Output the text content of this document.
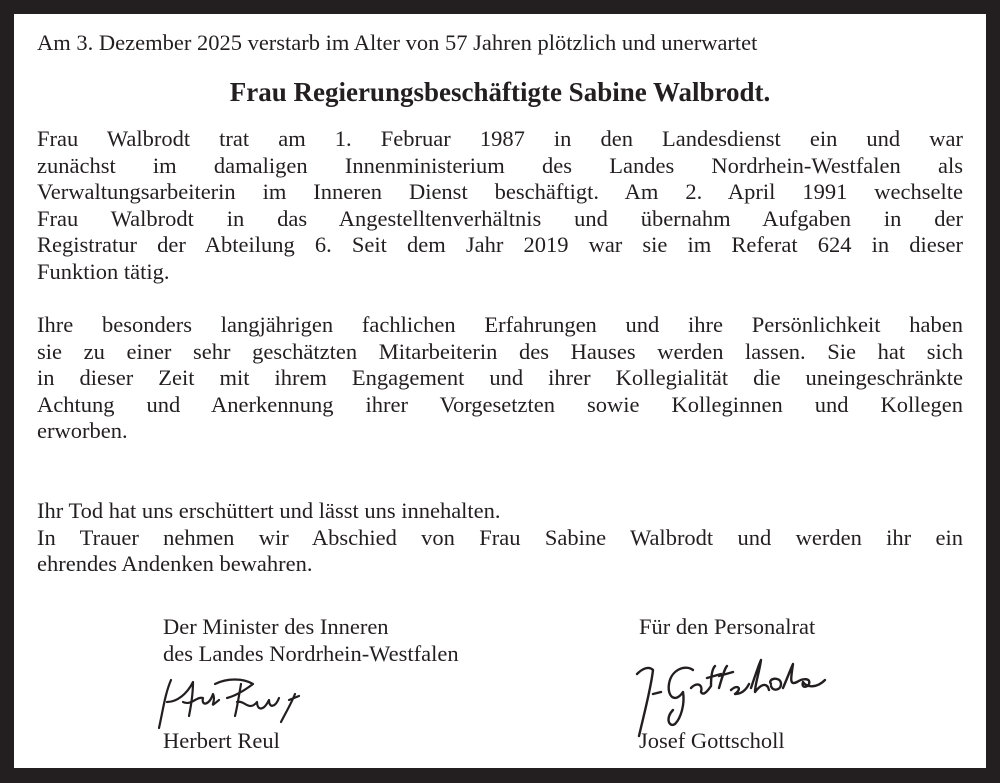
Am 3. Dezember 2025 verstarb im Alter von 57 Jahren plötzlich und unerwartet
Frau Regierungsbeschäftigte Sabine Walbrodt.
Frau Walbrodt trat am 1. Februar 1987 in den Landesdienst ein und war
zunächst im damaligen Innenministerium des Landes Nordrhein-Westfalen als
Verwaltungsarbeiterin im Inneren Dienst beschäftigt. Am 2. April 1991 wechselte
Frau Walbrodt in das Angestelltenverhältnis und übernahm Aufgaben in der
Registratur der Abteilung 6. Seit dem Jahr 2019 war sie im Referat 624 in dieser
Funktion tätig.
Ihre besonders langjährigen fachlichen Erfahrungen und ihre Persönlichkeit haben
sie zu einer sehr geschätzten Mitarbeiterin des Hauses werden lassen. Sie hat sich
in dieser Zeit mit ihrem Engagement und ihrer Kollegialität die uneingeschränkte
Achtung und Anerkennung ihrer Vorgesetzten sowie Kolleginnen und Kollegen
erworben.
Ihr Tod hat uns erschüttert und lässt uns innehalten.
In Trauer nehmen wir Abschied von Frau Sabine Walbrodt und werden ihr ein
ehrendes Andenken bewahren.
Der Minister des Inneren
des Landes Nordrhein-Westfalen
Herbert Reul
Für den Personalrat
Josef Gottscholl
